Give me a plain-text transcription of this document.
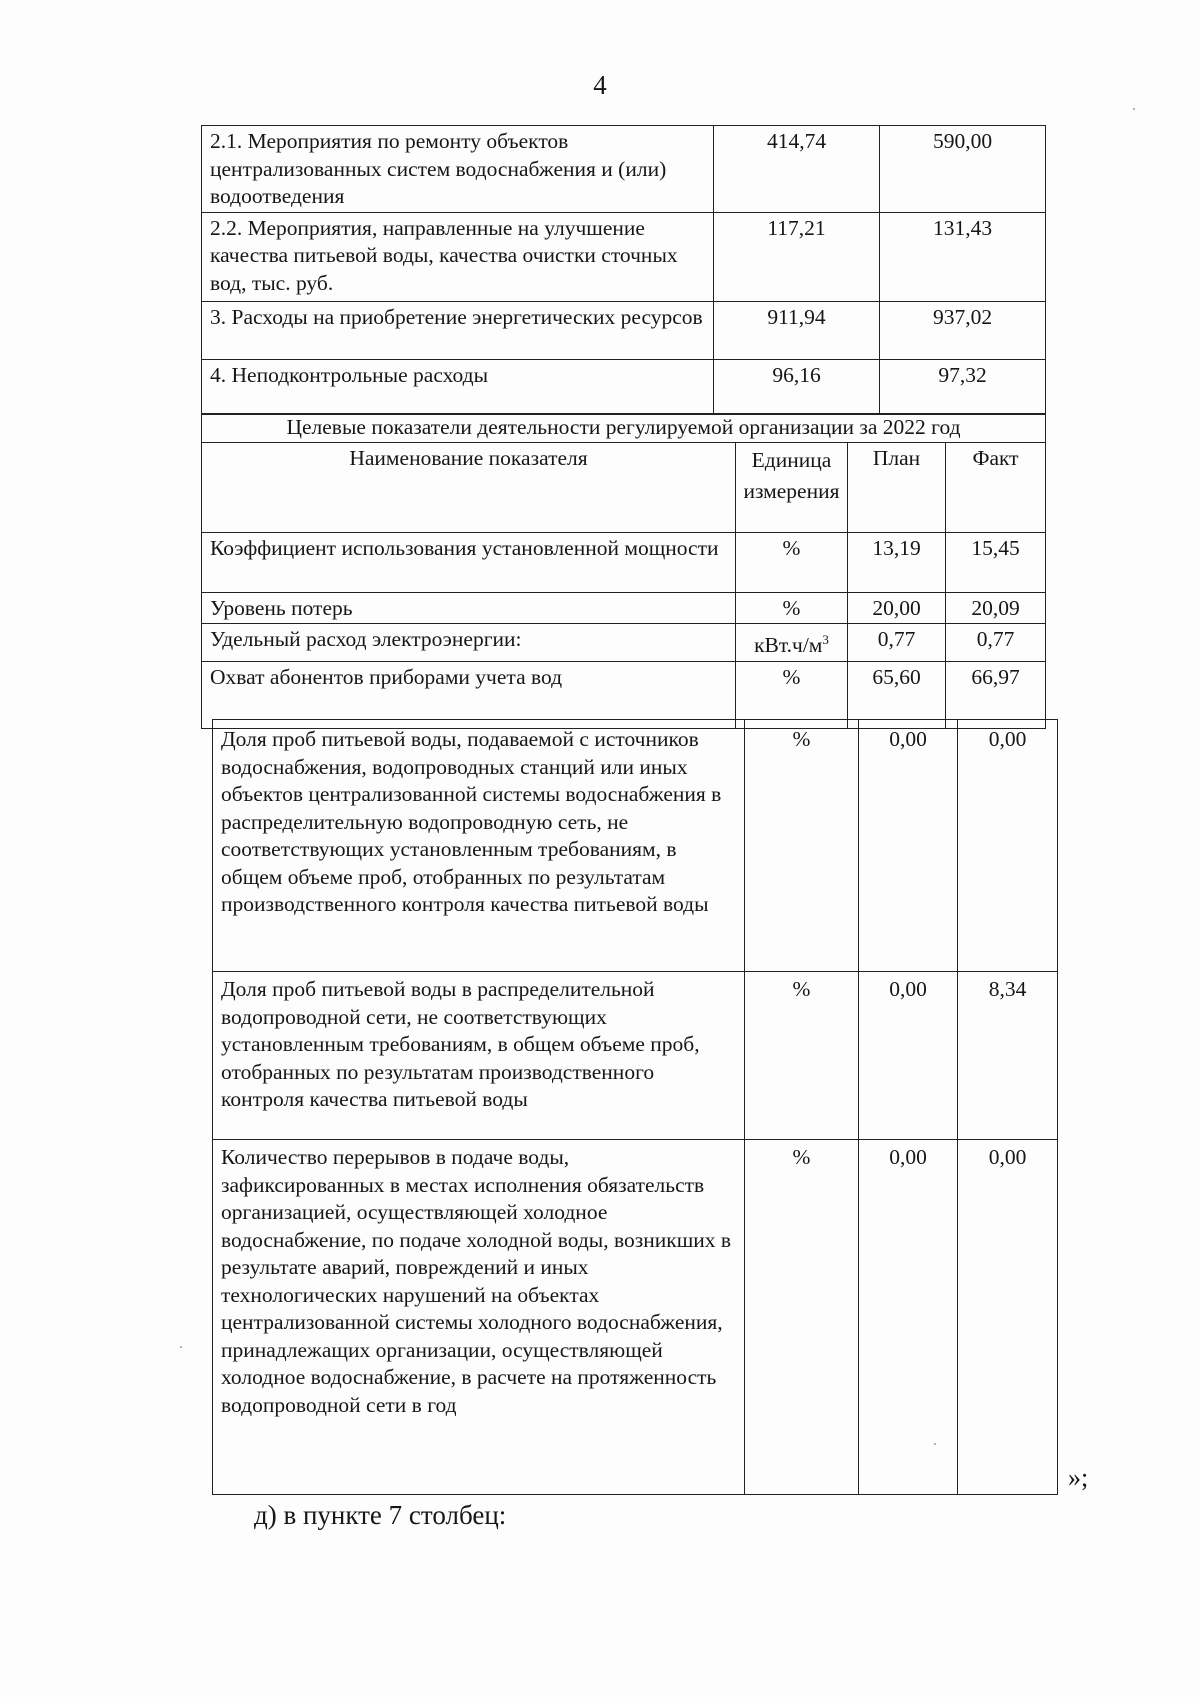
4
2.1. Мероприятия по ремонту объектов централизованных систем водоснабжения и (или) водоотведения	414,74	590,00
2.2. Мероприятия, направленные на улучшение качества питьевой воды, качества очистки сточных вод, тыс. руб.	117,21	131,43
3. Расходы на приобретение энергетических ресурсов	911,94	937,02
4. Неподконтрольные расходы	96,16	97,32
Целевые показатели деятельности регулируемой организации за 2022 год			
Наименование показателя	Единица измерения	План	Факт
Коэффициент использования установленной мощности	%	13,19	15,45
Уровень потерь	%	20,00	20,09
Удельный расход электроэнергии:	$кВт.ч/м^3$	0,77	0,77
Охват абонентов приборами учета вод	%	65,60	66,97
Доля проб питьевой воды, подаваемой с источников водоснабжения, водопроводных станций или иных объектов централизованной системы водоснабжения в распределительную водопроводную сеть, не соответствующих установленным требованиям, в общем объеме проб, отобранных по результатам производственного контроля качества питьевой воды	%	0,00	0,00
Доля проб питьевой воды в распределительной водопроводной сети, не соответствующих установленным требованиям, в общем объеме проб, отобранных по результатам производственного контроля качества питьевой воды	%	0,00	8,34
Количество перерывов в подаче воды, зафиксированных в местах исполнения обязательств организацией, осуществляющей холодное водоснабжение, по подаче холодной воды, возникших в результате аварий, повреждений и иных технологических нарушений на объектах централизованной системы холодного водоснабжения, принадлежащих организации, осуществляющей холодное водоснабжение, в расчете на протяженность водопроводной сети в год	%	0,00	0,00
»;
д) в пункте 7 столбец:
